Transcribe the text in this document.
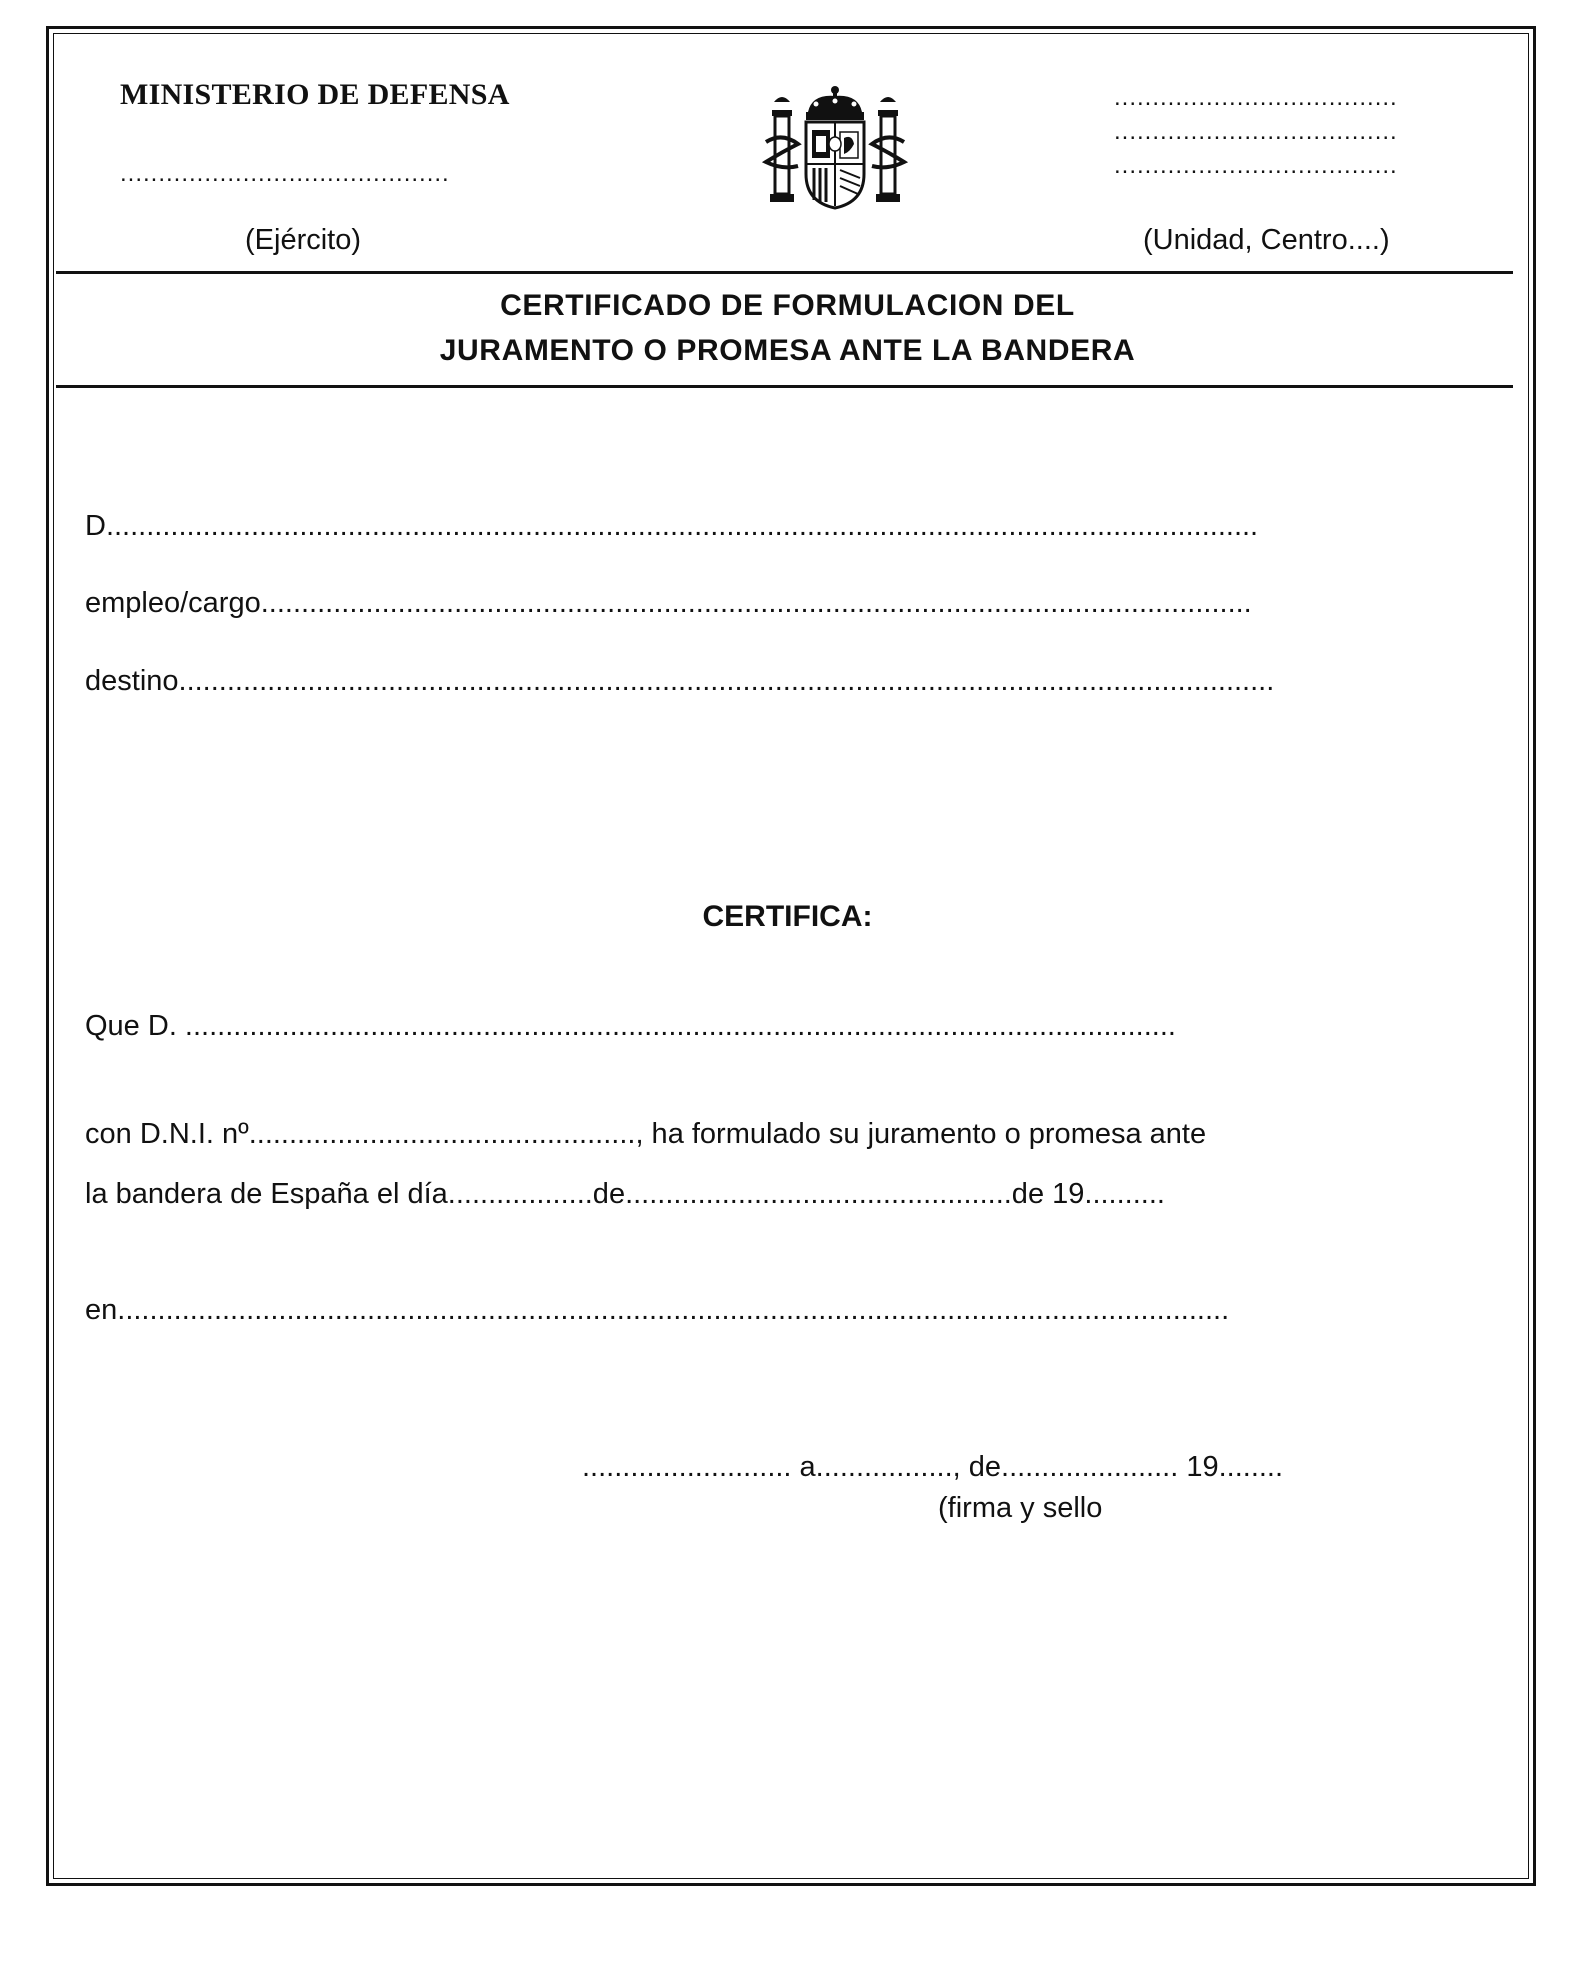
MINISTERIO DE DEFENSA
...........................................
(Ejército)
.....................................
.....................................
.....................................
(Unidad, Centro....)
CERTIFICADO DE FORMULACION DEL
JURAMENTO O PROMESA ANTE LA BANDERA
D...............................................................................................................................................
empleo/cargo...........................................................................................................................
destino........................................................................................................................................
CERTIFICA:
Que D. ...........................................................................................................................
con D.N.I. nº................................................, ha formulado su juramento o promesa ante
la bandera de España el día..................de................................................de 19..........
en..........................................................................................................................................
.......................... a................., de...................... 19........
(firma y sello
